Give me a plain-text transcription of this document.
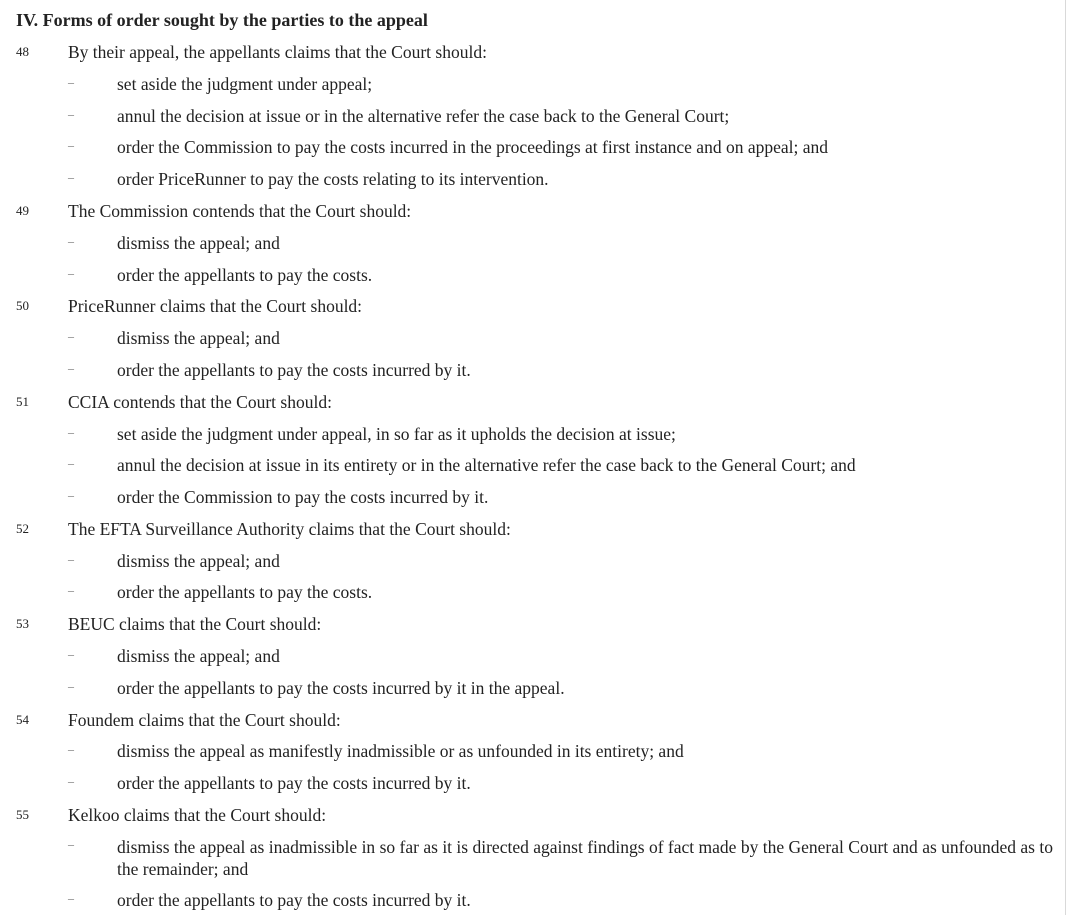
IV. Forms of order sought by the parties to the appeal
48 By their appeal, the appellants claims that the Court should:
– set aside the judgment under appeal;
– annul the decision at issue or in the alternative refer the case back to the General Court;
– order the Commission to pay the costs incurred in the proceedings at first instance and on appeal; and
– order PriceRunner to pay the costs relating to its intervention.
49 The Commission contends that the Court should:
– dismiss the appeal; and
– order the appellants to pay the costs.
50 PriceRunner claims that the Court should:
– dismiss the appeal; and
– order the appellants to pay the costs incurred by it.
51 CCIA contends that the Court should:
– set aside the judgment under appeal, in so far as it upholds the decision at issue;
– annul the decision at issue in its entirety or in the alternative refer the case back to the General Court; and
– order the Commission to pay the costs incurred by it.
52 The EFTA Surveillance Authority claims that the Court should:
– dismiss the appeal; and
– order the appellants to pay the costs.
53 BEUC claims that the Court should:
– dismiss the appeal; and
– order the appellants to pay the costs incurred by it in the appeal.
54 Foundem claims that the Court should:
– dismiss the appeal as manifestly inadmissible or as unfounded in its entirety; and
– order the appellants to pay the costs incurred by it.
55 Kelkoo claims that the Court should:
– dismiss the appeal as inadmissible in so far as it is directed against findings of fact made by the General Court and as unfounded as to the remainder; and
– order the appellants to pay the costs incurred by it.
